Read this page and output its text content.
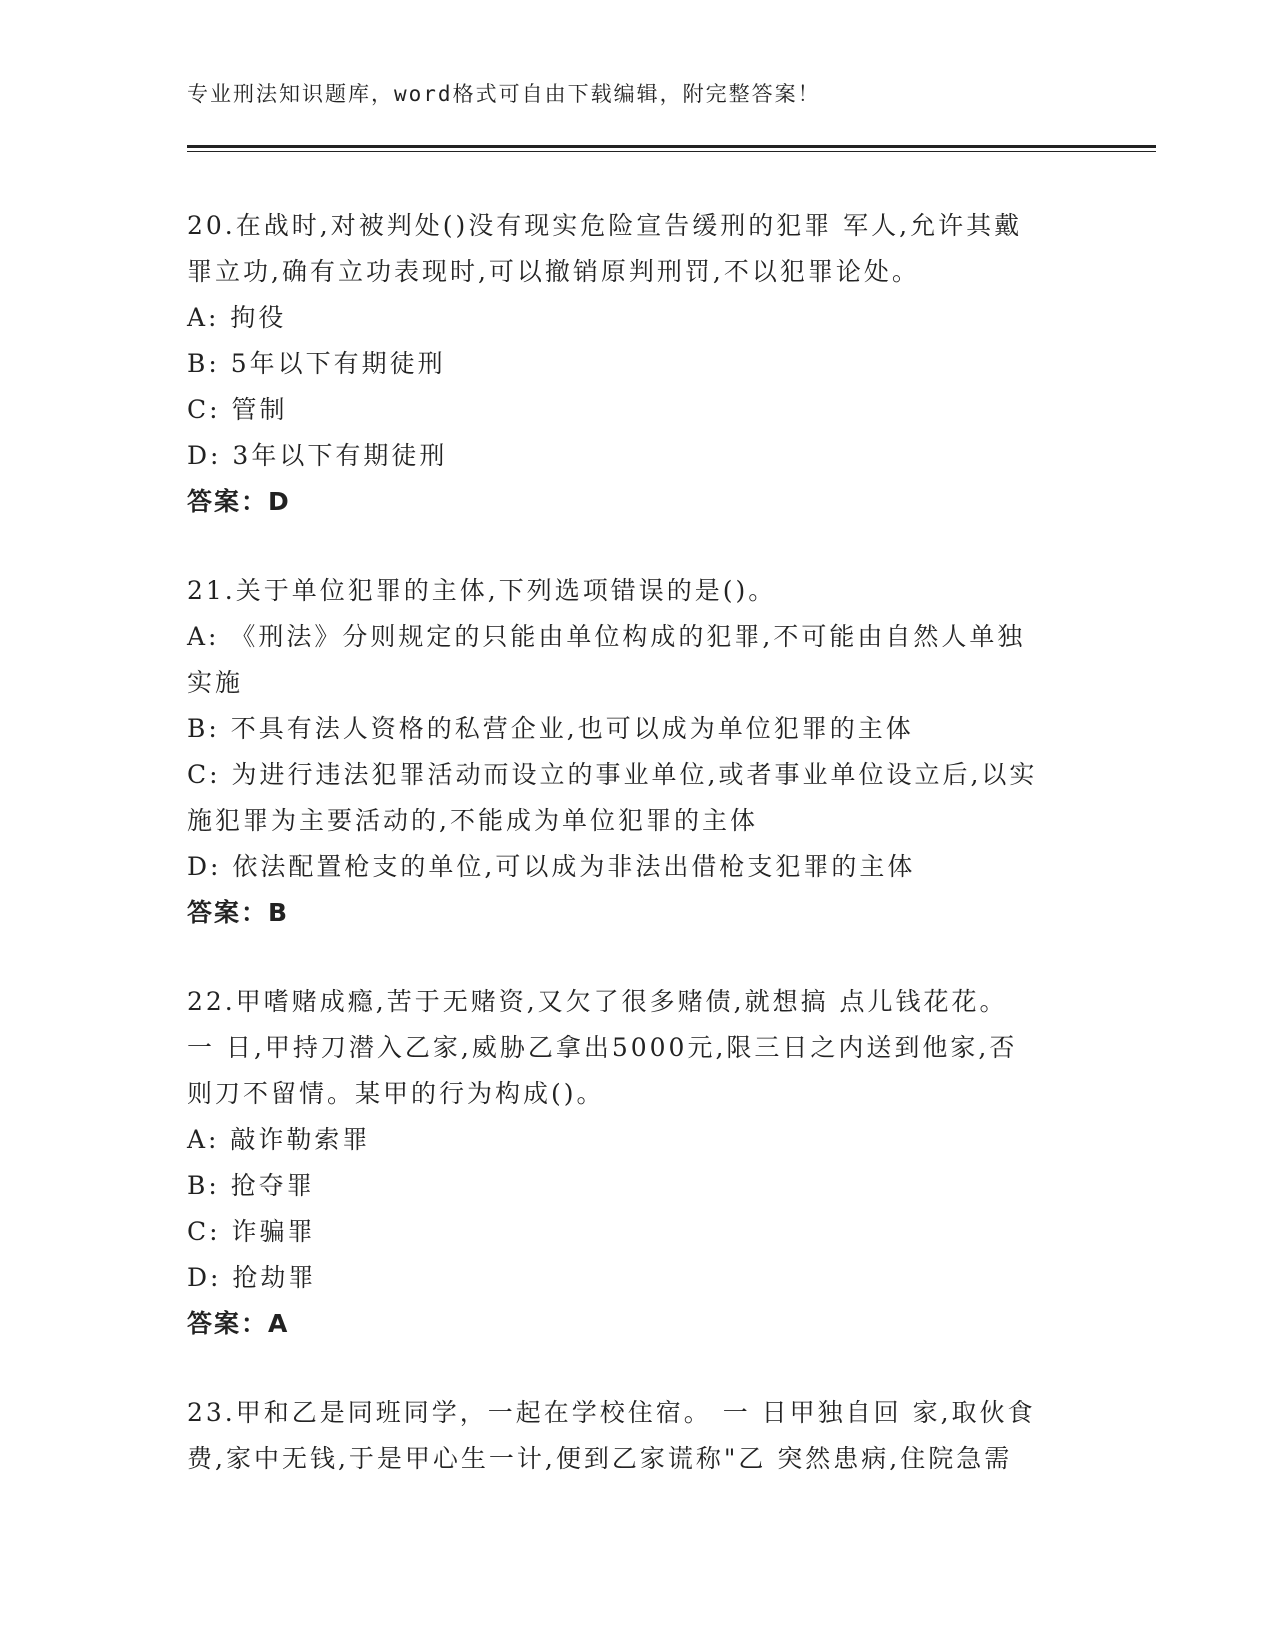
专业刑法知识题库，word格式可自由下载编辑，附完整答案！
20.在战时,对被判处()没有现实危险宣告缓刑的犯罪 军人,允许其戴
罪立功,确有立功表现时,可以撤销原判刑罚,不以犯罪论处。
A: 拘役
B: 5年以下有期徒刑
C: 管制
D: 3年以下有期徒刑
答案：D
21.关于单位犯罪的主体,下列选项错误的是()。
A: 《刑法》分则规定的只能由单位构成的犯罪,不可能由自然人单独
实施
B: 不具有法人资格的私营企业,也可以成为单位犯罪的主体
C: 为进行违法犯罪活动而设立的事业单位,或者事业单位设立后,以实
施犯罪为主要活动的,不能成为单位犯罪的主体
D: 依法配置枪支的单位,可以成为非法出借枪支犯罪的主体
答案：B
22.甲嗜赌成瘾,苦于无赌资,又欠了很多赌债,就想搞 点儿钱花花。
一 日,甲持刀潜入乙家,威胁乙拿出5000元,限三日之内送到他家,否
则刀不留情。某甲的行为构成()。
A: 敲诈勒索罪
B: 抢夺罪
C: 诈骗罪
D: 抢劫罪
答案：A
23.甲和乙是同班同学，一起在学校住宿。 一 日甲独自回 家,取伙食
费,家中无钱,于是甲心生一计,便到乙家谎称"乙 突然患病,住院急需
